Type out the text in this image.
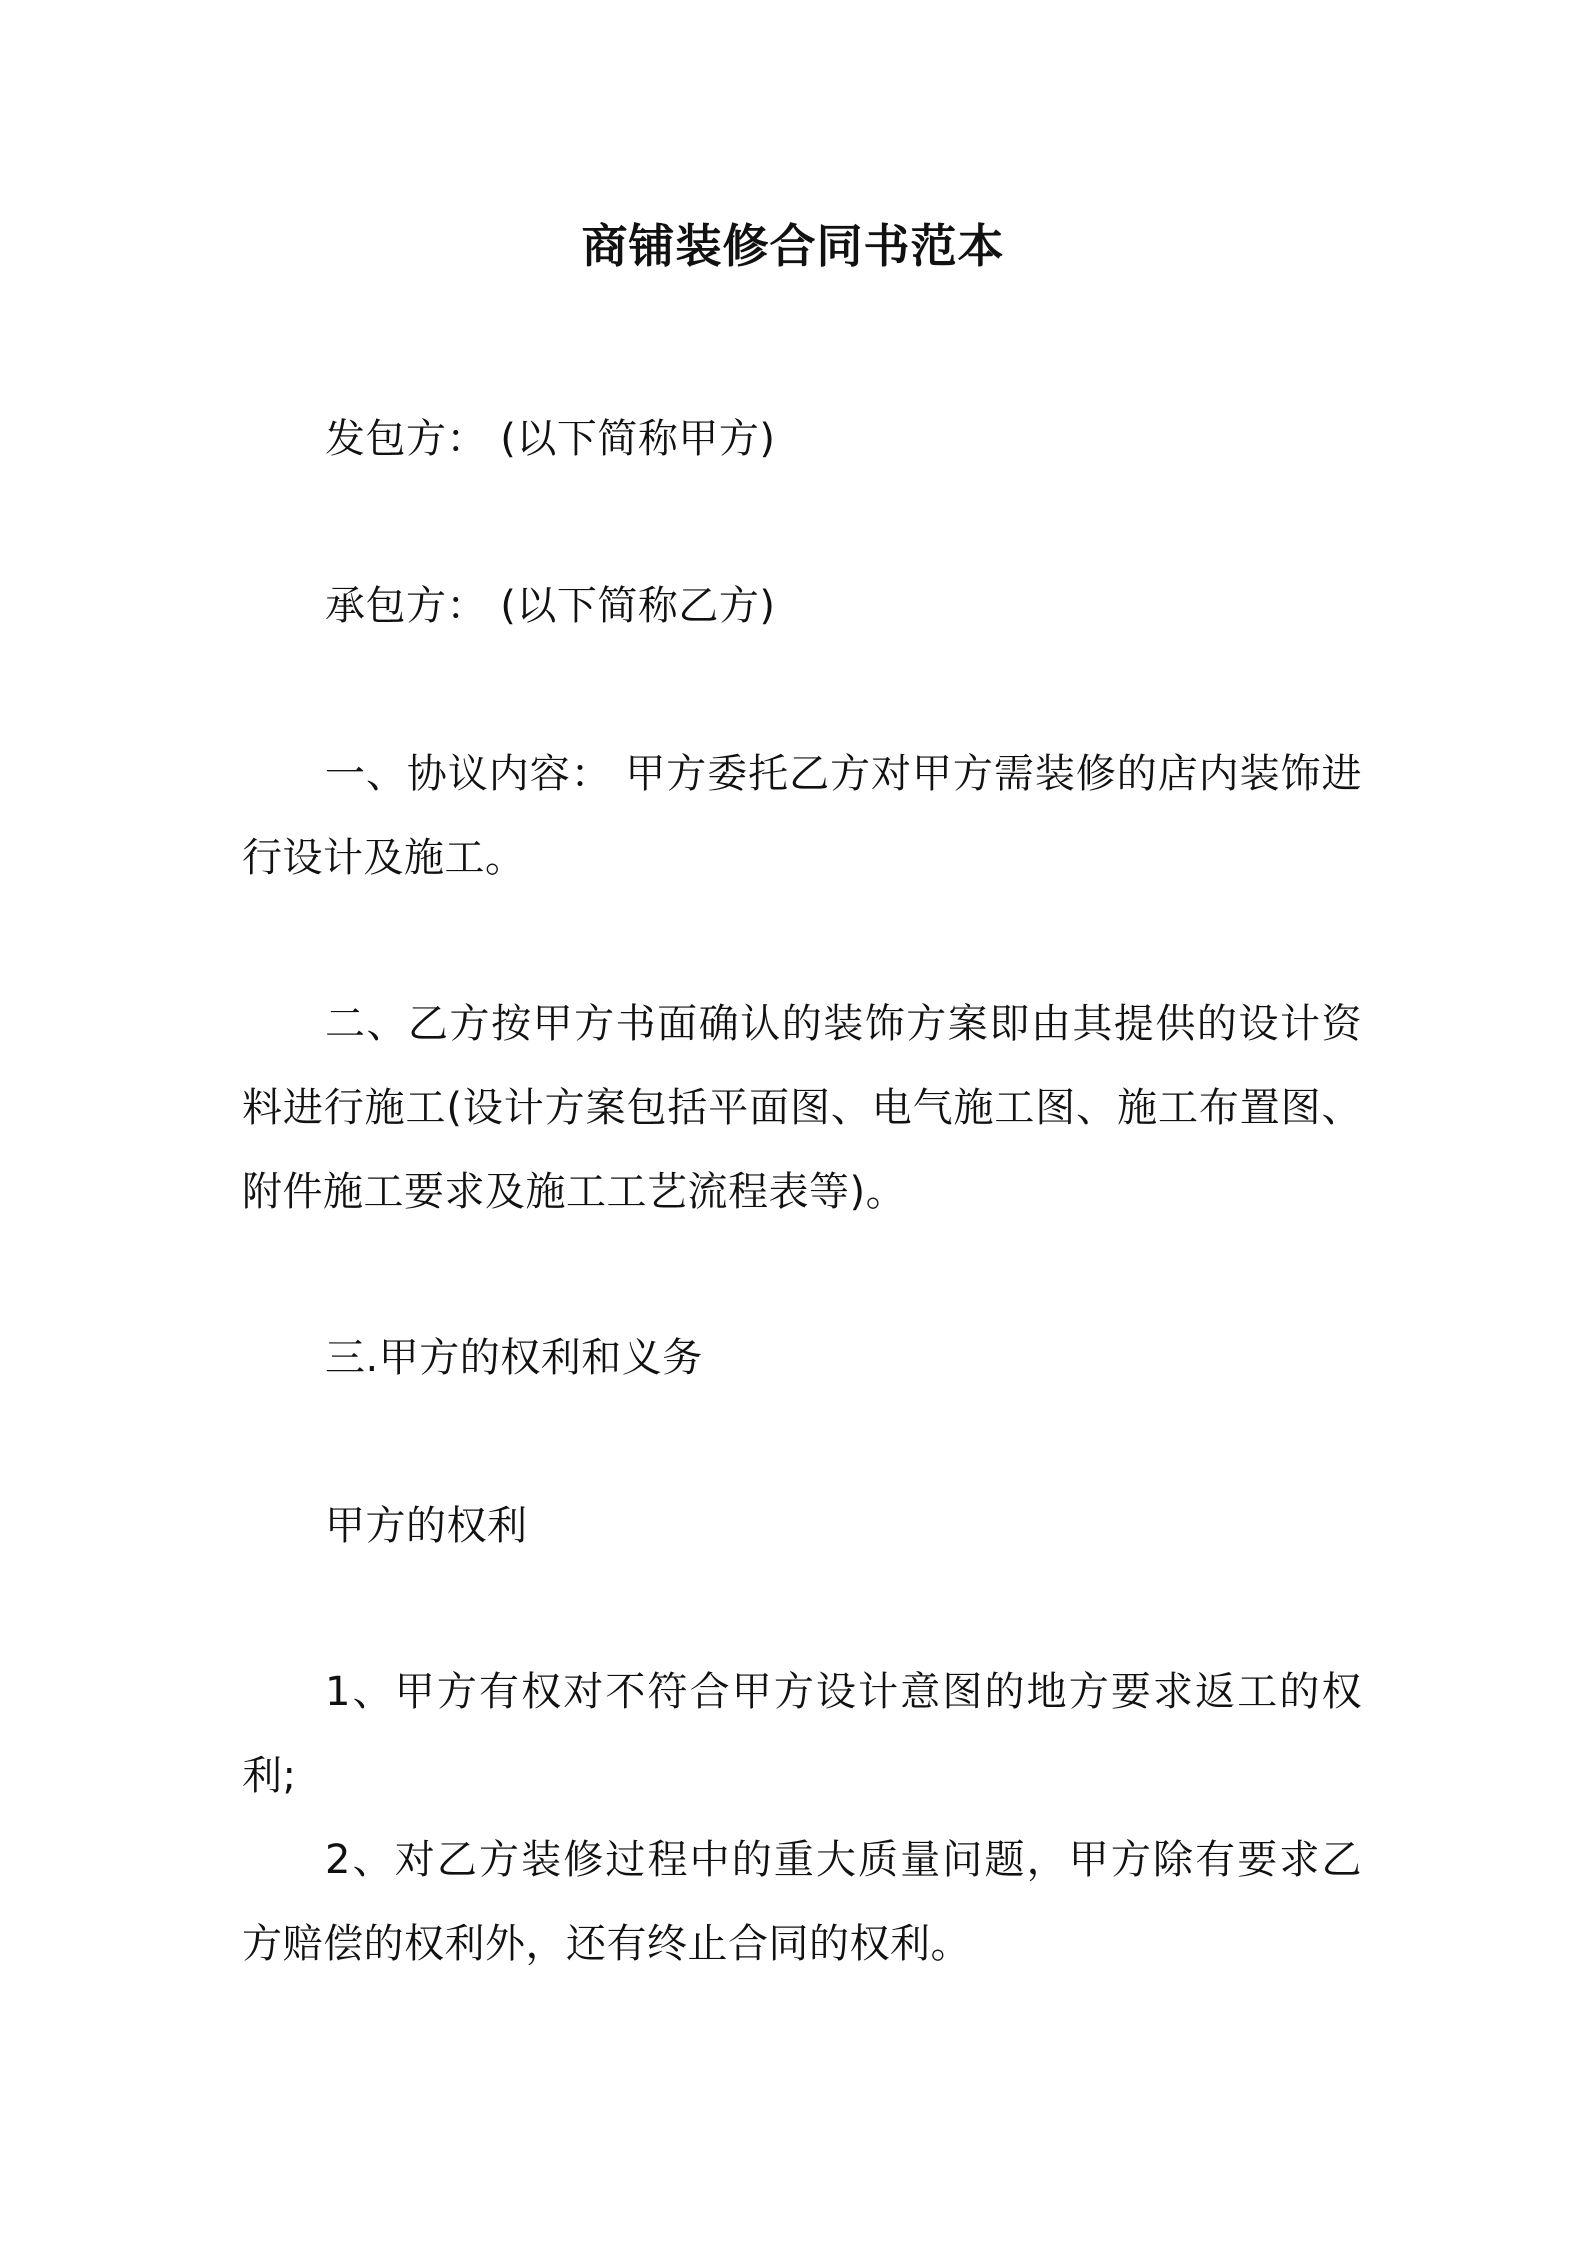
商铺装修合同书范本

发包方： (以下简称甲方)

承包方： (以下简称乙方)

一、协议内容： 甲方委托乙方对甲方需装修的店内装饰进行设计及施工。

二、乙方按甲方书面确认的装饰方案即由其提供的设计资料进行施工(设计方案包括平面图、电气施工图、施工布置图、附件施工要求及施工工艺流程表等)。

三.甲方的权利和义务

甲方的权利

1、甲方有权对不符合甲方设计意图的地方要求返工的权利;

2、对乙方装修过程中的重大质量问题，甲方除有要求乙方赔偿的权利外，还有终止合同的权利。
